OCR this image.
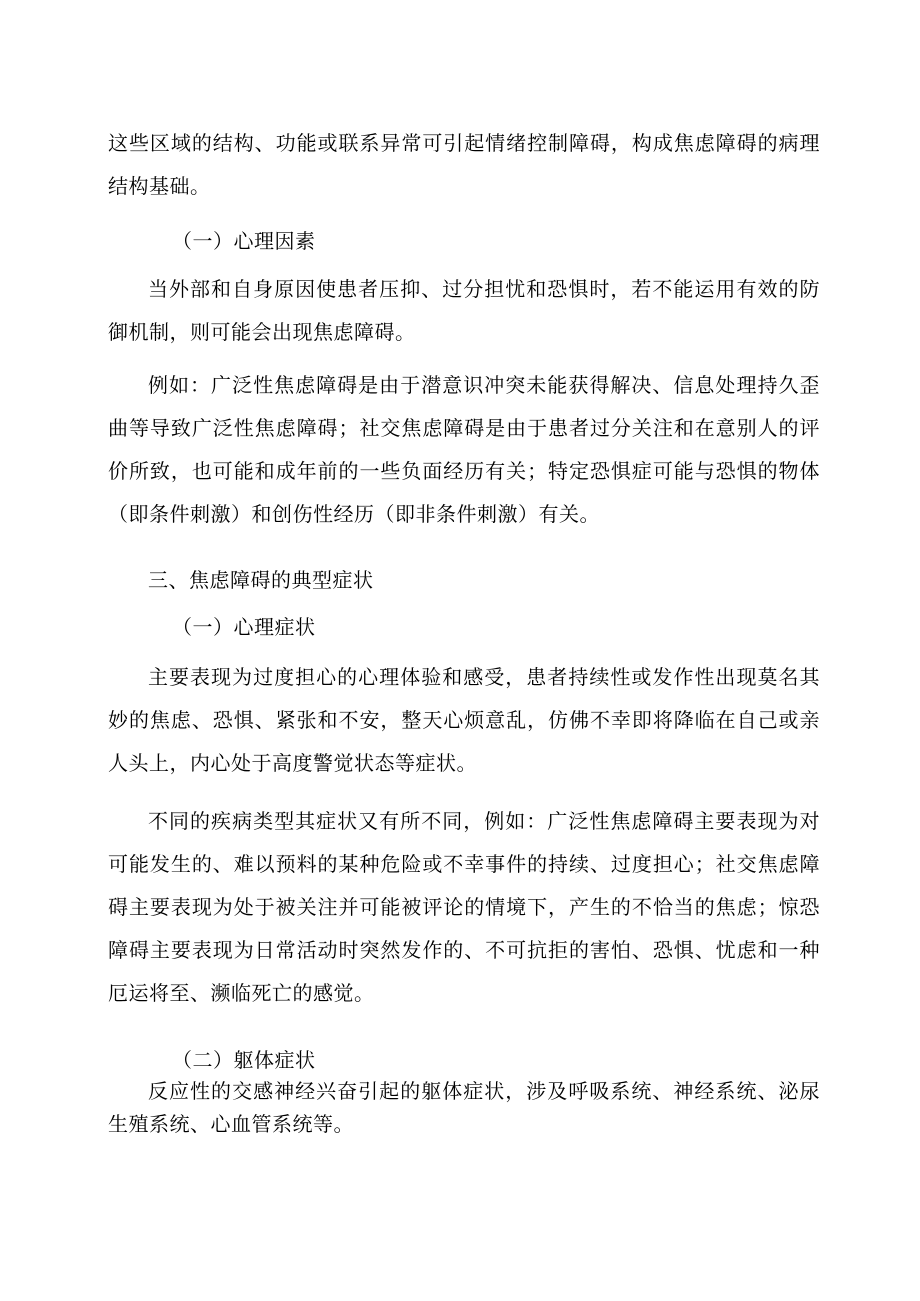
这些区域的结构、功能或联系异常可引起情绪控制障碍，构成焦虑障碍的病理结构基础。
（一）心理因素
当外部和自身原因使患者压抑、过分担忧和恐惧时，若不能运用有效的防御机制，则可能会出现焦虑障碍。
例如：广泛性焦虑障碍是由于潜意识冲突未能获得解决、信息处理持久歪曲等导致广泛性焦虑障碍；社交焦虑障碍是由于患者过分关注和在意别人的评价所致，也可能和成年前的一些负面经历有关；特定恐惧症可能与恐惧的物体（即条件刺激）和创伤性经历（即非条件刺激）有关。
三、焦虑障碍的典型症状
（一）心理症状
主要表现为过度担心的心理体验和感受，患者持续性或发作性出现莫名其妙的焦虑、恐惧、紧张和不安，整天心烦意乱，仿佛不幸即将降临在自己或亲人头上，内心处于高度警觉状态等症状。
不同的疾病类型其症状又有所不同，例如：广泛性焦虑障碍主要表现为对可能发生的、难以预料的某种危险或不幸事件的持续、过度担心；社交焦虑障碍主要表现为处于被关注并可能被评论的情境下，产生的不恰当的焦虑；惊恐障碍主要表现为日常活动时突然发作的、不可抗拒的害怕、恐惧、忧虑和一种厄运将至、濒临死亡的感觉。
（二）躯体症状
反应性的交感神经兴奋引起的躯体症状，涉及呼吸系统、神经系统、泌尿生殖系统、心血管系统等。
